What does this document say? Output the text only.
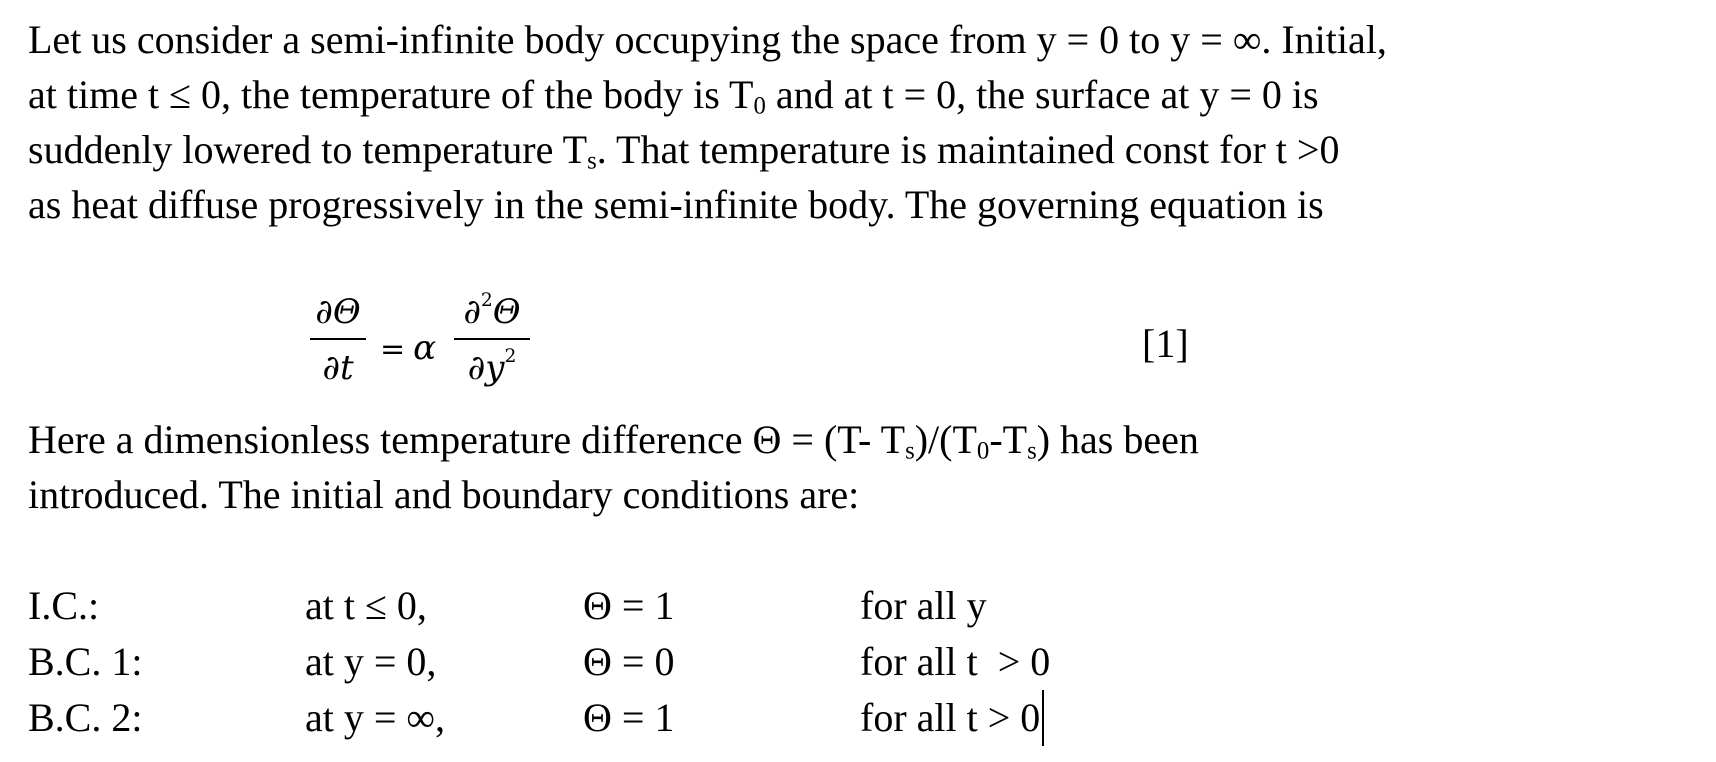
Let us consider a semi-infinite body occupying the space from y = 0 to y = ∞. Initial,
at time t ≤ 0, the temperature of the body is $T_0$ and at t = 0, the surface at y = 0 is
suddenly lowered to temperature $T_s$. That temperature is maintained const for t >0
as heat diffuse progressively in the semi-infinite body. The governing equation is
∂Θ
∂t = α
∂$^2$Θ
$\partial y^2$	[1]
Here a dimensionless temperature difference Θ = (T- $T_s)/(T_0-T_s)$ has been
introduced. The initial and boundary conditions are:
I.C.:	at t ≤ 0,	Θ = 1	for all y
B.C. 1:	at y = 0,	Θ = 0	for all t  > 0
B.C. 2:	at y = ∞,	Θ = 1	for all t > 0
